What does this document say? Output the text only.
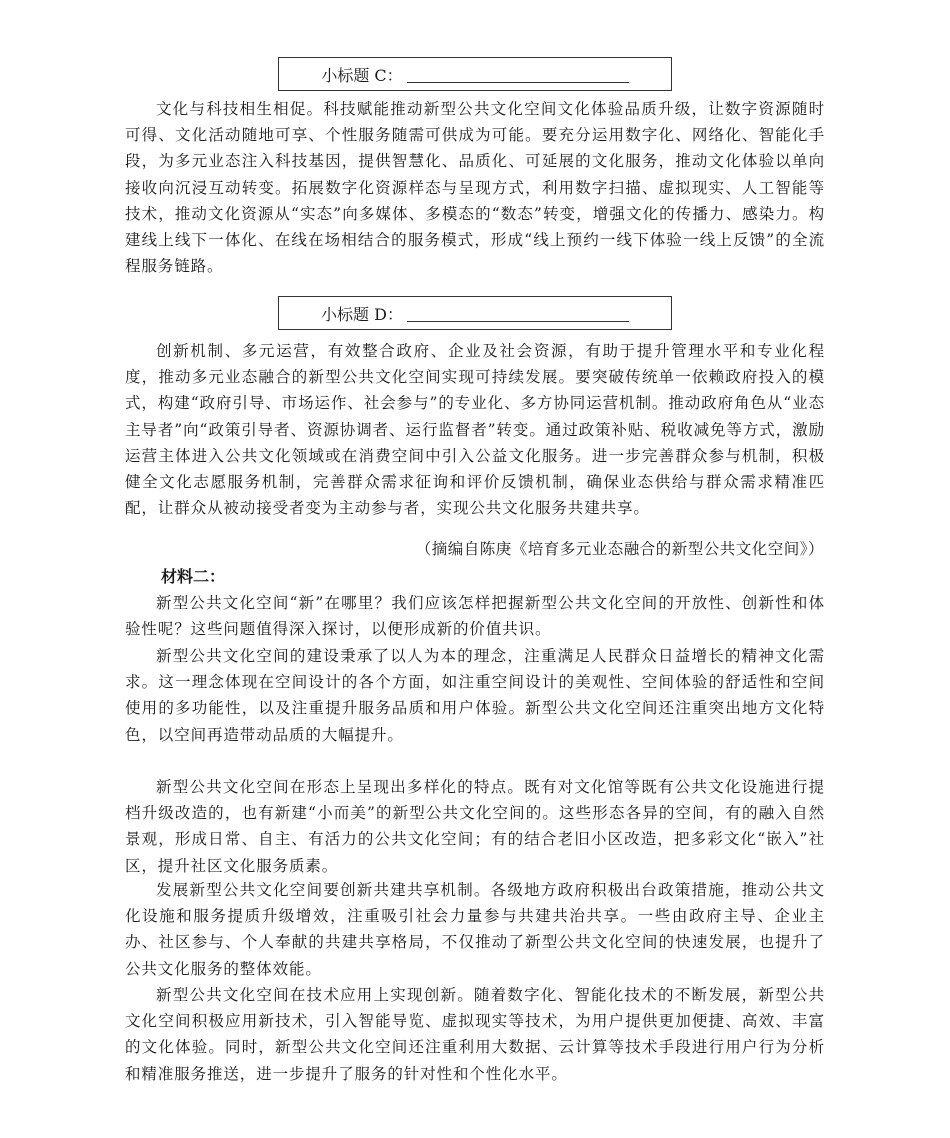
小标题 C：

文化与科技相生相促。科技赋能推动新型公共文化空间文化体验品质升级，让数字资源随时可得、文化活动随地可享、个性服务随需可供成为可能。要充分运用数字化、网络化、智能化手段，为多元业态注入科技基因，提供智慧化、品质化、可延展的文化服务，推动文化体验以单向接收向沉浸互动转变。拓展数字化资源样态与呈现方式，利用数字扫描、虚拟现实、人工智能等技术，推动文化资源从“实态”向多媒体、多模态的“数态”转变，增强文化的传播力、感染力。构建线上线下一体化、在线在场相结合的服务模式，形成“线上预约一线下体验一线上反馈”的全流程服务链路。

小标题 D：

创新机制、多元运营，有效整合政府、企业及社会资源，有助于提升管理水平和专业化程度，推动多元业态融合的新型公共文化空间实现可持续发展。要突破传统单一依赖政府投入的模式，构建“政府引导、市场运作、社会参与”的专业化、多方协同运营机制。推动政府角色从“业态主导者”向“政策引导者、资源协调者、运行监督者”转变。通过政策补贴、税收减免等方式，激励运营主体进入公共文化领域或在消费空间中引入公益文化服务。进一步完善群众参与机制，积极健全文化志愿服务机制，完善群众需求征询和评价反馈机制，确保业态供给与群众需求精准匹配，让群众从被动接受者变为主动参与者，实现公共文化服务共建共享。

（摘编自陈庚《培育多元业态融合的新型公共文化空间》）
材料二：

新型公共文化空间“新”在哪里？我们应该怎样把握新型公共文化空间的开放性、创新性和体验性呢？这些问题值得深入探讨，以便形成新的价值共识。

新型公共文化空间的建设秉承了以人为本的理念，注重满足人民群众日益增长的精神文化需求。这一理念体现在空间设计的各个方面，如注重空间设计的美观性、空间体验的舒适性和空间使用的多功能性，以及注重提升服务品质和用户体验。新型公共文化空间还注重突出地方文化特色，以空间再造带动品质的大幅提升。

新型公共文化空间在形态上呈现出多样化的特点。既有对文化馆等既有公共文化设施进行提档升级改造的，也有新建“小而美”的新型公共文化空间的。这些形态各异的空间，有的融入自然景观，形成日常、自主、有活力的公共文化空间；有的结合老旧小区改造，把多彩文化“嵌入”社区，提升社区文化服务质素。

发展新型公共文化空间要创新共建共享机制。各级地方政府积极出台政策措施，推动公共文化设施和服务提质升级增效，注重吸引社会力量参与共建共治共享。一些由政府主导、企业主办、社区参与、个人奉献的共建共享格局，不仅推动了新型公共文化空间的快速发展，也提升了公共文化服务的整体效能。

新型公共文化空间在技术应用上实现创新。随着数字化、智能化技术的不断发展，新型公共文化空间积极应用新技术，引入智能导览、虚拟现实等技术，为用户提供更加便捷、高效、丰富的文化体验。同时，新型公共文化空间还注重利用大数据、云计算等技术手段进行用户行为分析和精准服务推送，进一步提升了服务的针对性和个性化水平。
